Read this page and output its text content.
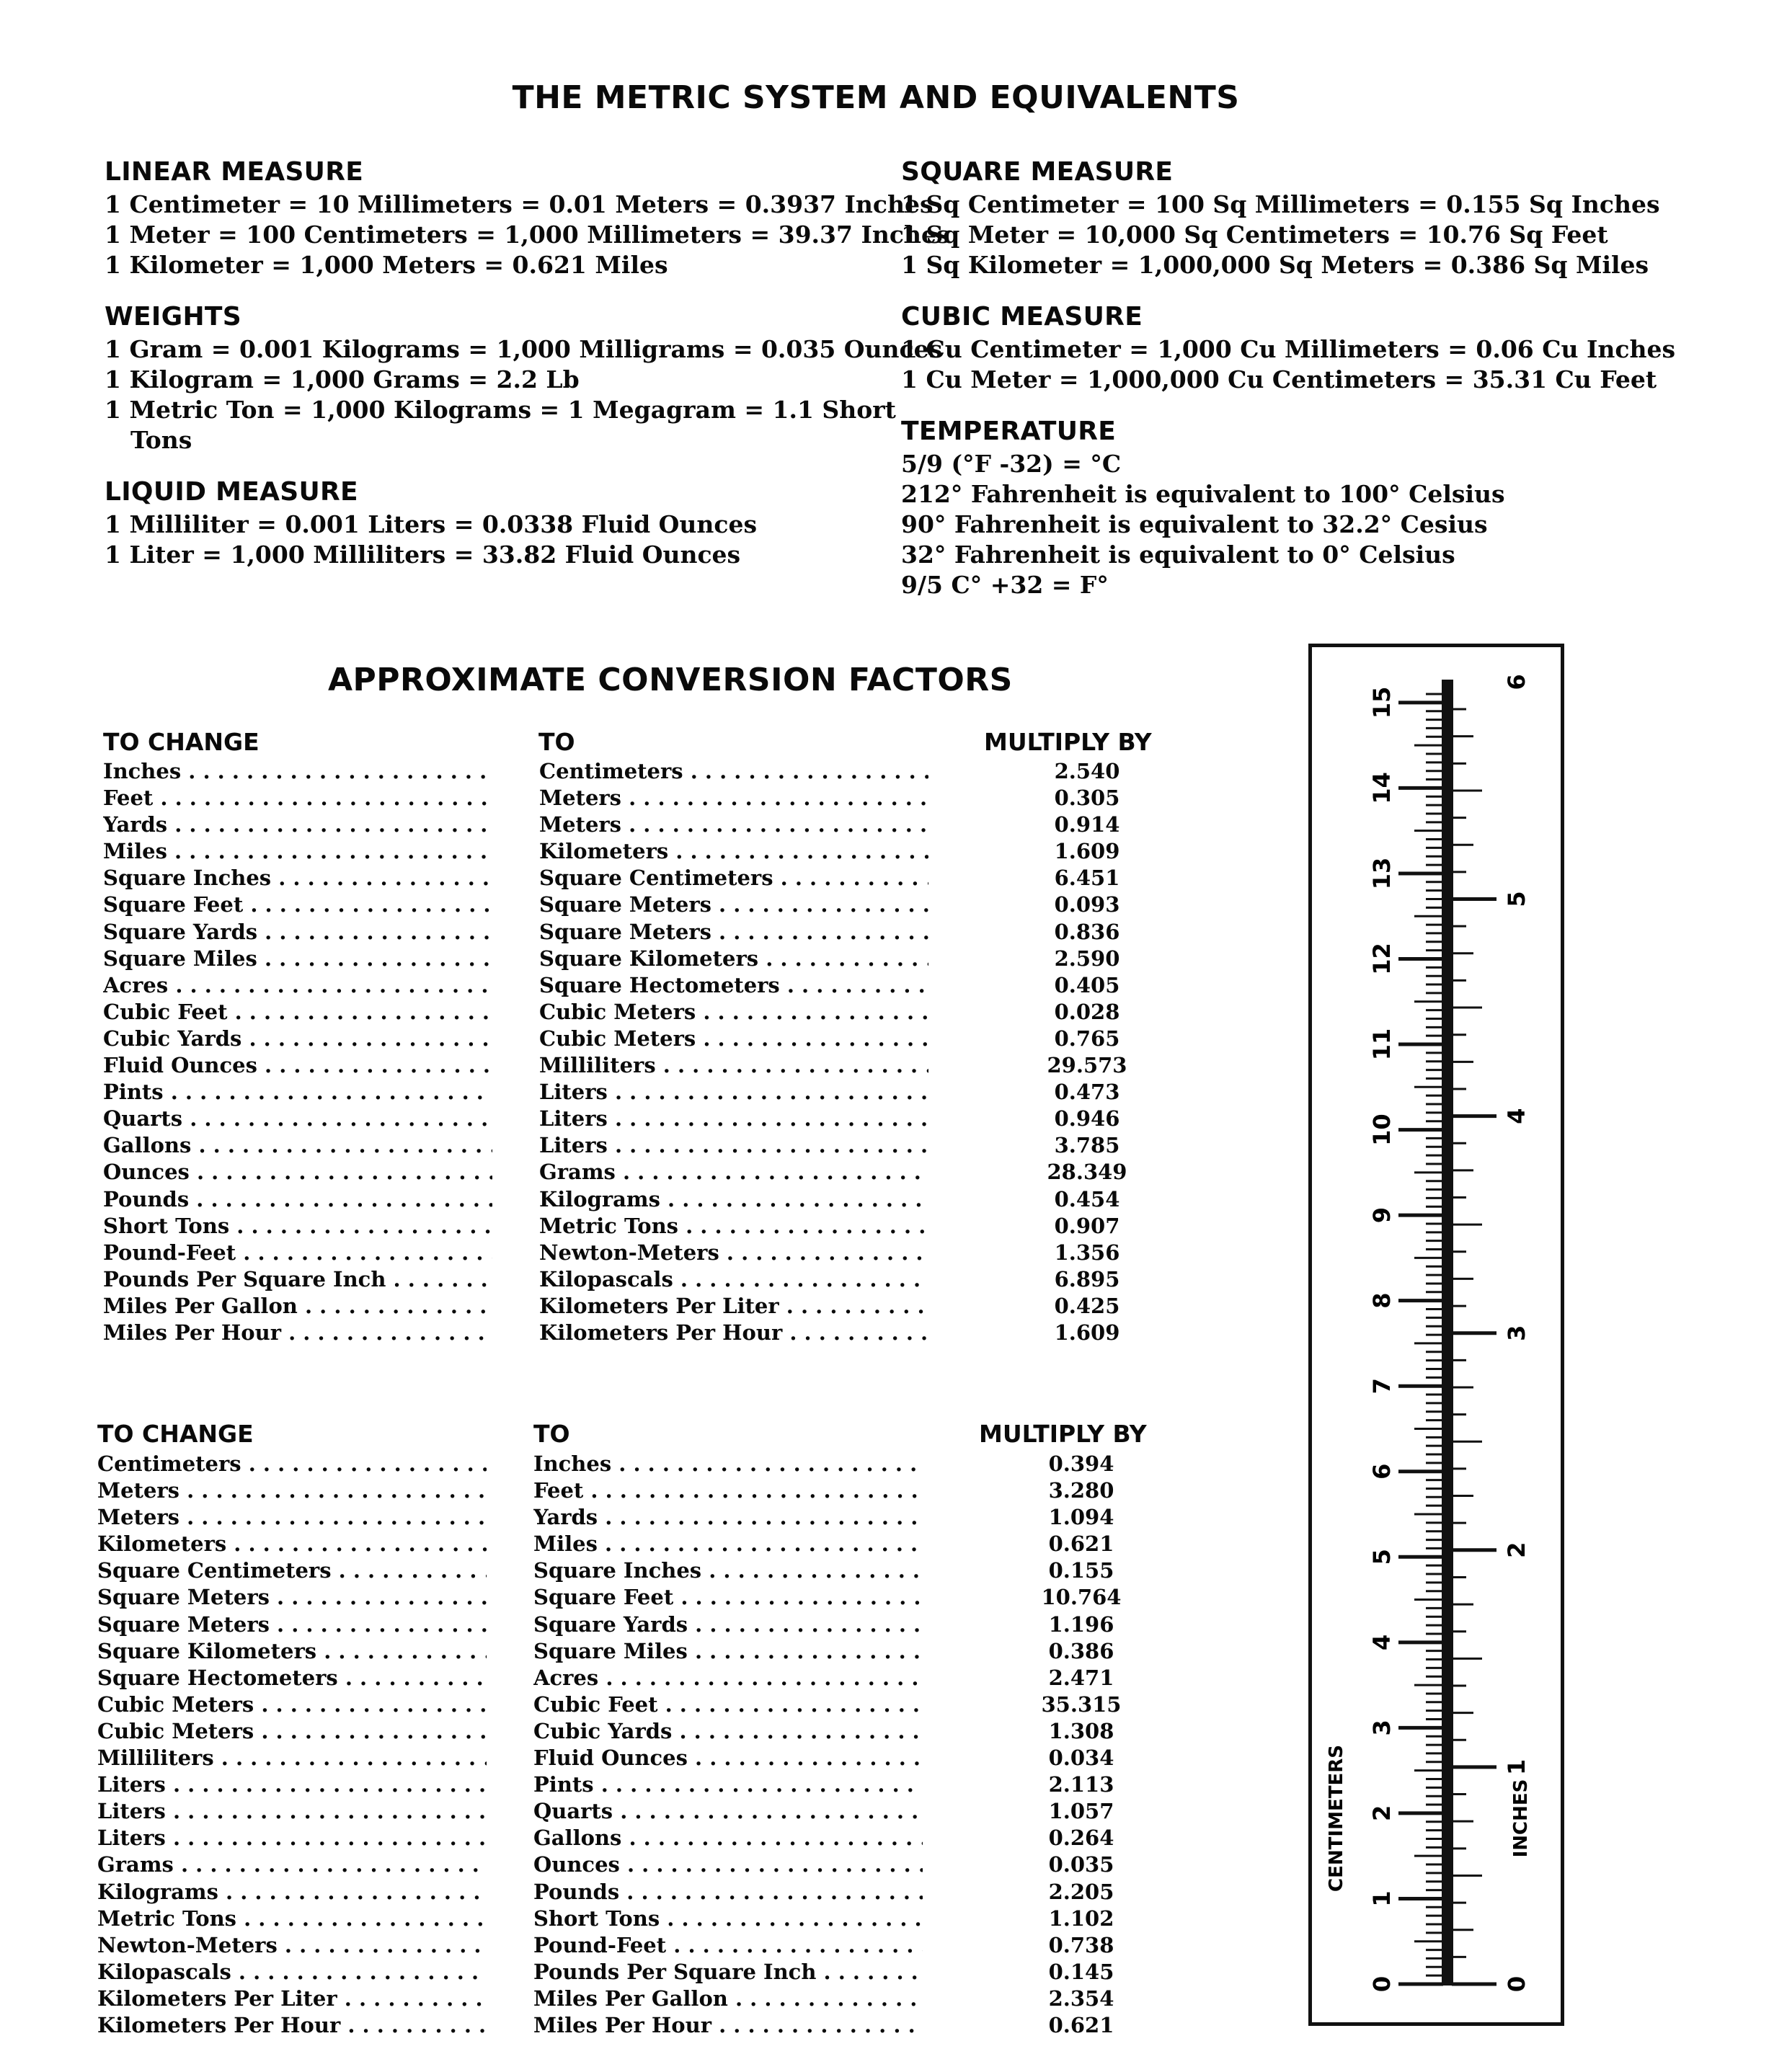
THE METRIC SYSTEM AND EQUIVALENTS
LINEAR MEASURE
1 Centimeter = 10 Millimeters = 0.01 Meters = 0.3937 Inches
1 Meter = 100 Centimeters = 1,000 Millimeters = 39.37 Inches
1 Kilometer = 1,000 Meters = 0.621 Miles
WEIGHTS
1 Gram = 0.001 Kilograms = 1,000 Milligrams = 0.035 Ounces
1 Kilogram = 1,000 Grams = 2.2 Lb
1 Metric Ton = 1,000 Kilograms = 1 Megagram = 1.1 Short
Tons
LIQUID MEASURE
1 Milliliter = 0.001 Liters = 0.0338 Fluid Ounces
1 Liter = 1,000 Milliliters = 33.82 Fluid Ounces
SQUARE MEASURE
1 Sq Centimeter = 100 Sq Millimeters = 0.155 Sq Inches
1 Sq Meter = 10,000 Sq Centimeters = 10.76 Sq Feet
1 Sq Kilometer = 1,000,000 Sq Meters = 0.386 Sq Miles
CUBIC MEASURE
1 Cu Centimeter = 1,000 Cu Millimeters = 0.06 Cu Inches
1 Cu Meter = 1,000,000 Cu Centimeters = 35.31 Cu Feet
TEMPERATURE
5/9 (°F -32) = °C
212° Fahrenheit is equivalent to 100° Celsius
90° Fahrenheit is equivalent to 32.2° Cesius
32° Fahrenheit is equivalent to 0° Celsius
9/5 C° +32 = F°
APPROXIMATE CONVERSION FACTORS
TO CHANGE	TO	MULTIPLY BY
Inches . . .	Centimeters . . .	2.540
Feet . . .	Meters . . .	0.305
Yards . . .	Meters . . .	0.914
Miles . . .	Kilometers . . .	1.609
Square Inches . . .	Square Centimeters . . .	6.451
Square Feet . . .	Square Meters . . .	0.093
Square Yards . . .	Square Meters . . .	0.836
Square Miles . . .	Square Kilometers . . .	2.590
Acres . . .	Square Hectometers . . .	0.405
Cubic Feet . . .	Cubic Meters . . .	0.028
Cubic Yards . . .	Cubic Meters . . .	0.765
Fluid Ounces . . .	Milliliters . . .	29.573
Pints . . .	Liters . . .	0.473
Quarts . . .	Liters . . .	0.946
Gallons . . .	Liters . . .	3.785
Ounces . . .	Grams . . .	28.349
Pounds . . .	Kilograms . . .	0.454
Short Tons . . .	Metric Tons . . .	0.907
Pound-Feet . . .	Newton-Meters . . .	1.356
Pounds Per Square Inch . . .	Kilopascals . . .	6.895
Miles Per Gallon . . .	Kilometers Per Liter . . .	0.425
Miles Per Hour . . .	Kilometers Per Hour . . .	1.609
TO CHANGE	TO	MULTIPLY BY
Centimeters . . .	Inches . . .	0.394
Meters . . .	Feet . . .	3.280
Meters . . .	Yards . . .	1.094
Kilometers . . .	Miles . . .	0.621
Square Centimeters . . .	Square Inches . . .	0.155
Square Meters . . .	Square Feet . . .	10.764
Square Meters . . .	Square Yards . . .	1.196
Square Kilometers . . .	Square Miles . . .	0.386
Square Hectometers . . .	Acres . . .	2.471
Cubic Meters . . .	Cubic Feet . . .	35.315
Cubic Meters . . .	Cubic Yards . . .	1.308
Milliliters . . .	Fluid Ounces . . .	0.034
Liters . . .	Pints . . .	2.113
Liters . . .	Quarts . . .	1.057
Liters . . .	Gallons . . .	0.264
Grams . . .	Ounces . . .	0.035
Kilograms . . .	Pounds . . .	2.205
Metric Tons . . .	Short Tons . . .	1.102
Newton-Meters . . .	Pound-Feet . . .	0.738
Kilopascals . . .	Pounds Per Square Inch . . .	0.145
Kilometers Per Liter . . .	Miles Per Gallon . . .	2.354
Kilometers Per Hour . . .	Miles Per Hour . . .	0.621
0
1
2
3
4
5
6
7
8
9
10
11
12
13
14
15
0
1
2
3
4
5
6
CENTIMETERS	INCHES
